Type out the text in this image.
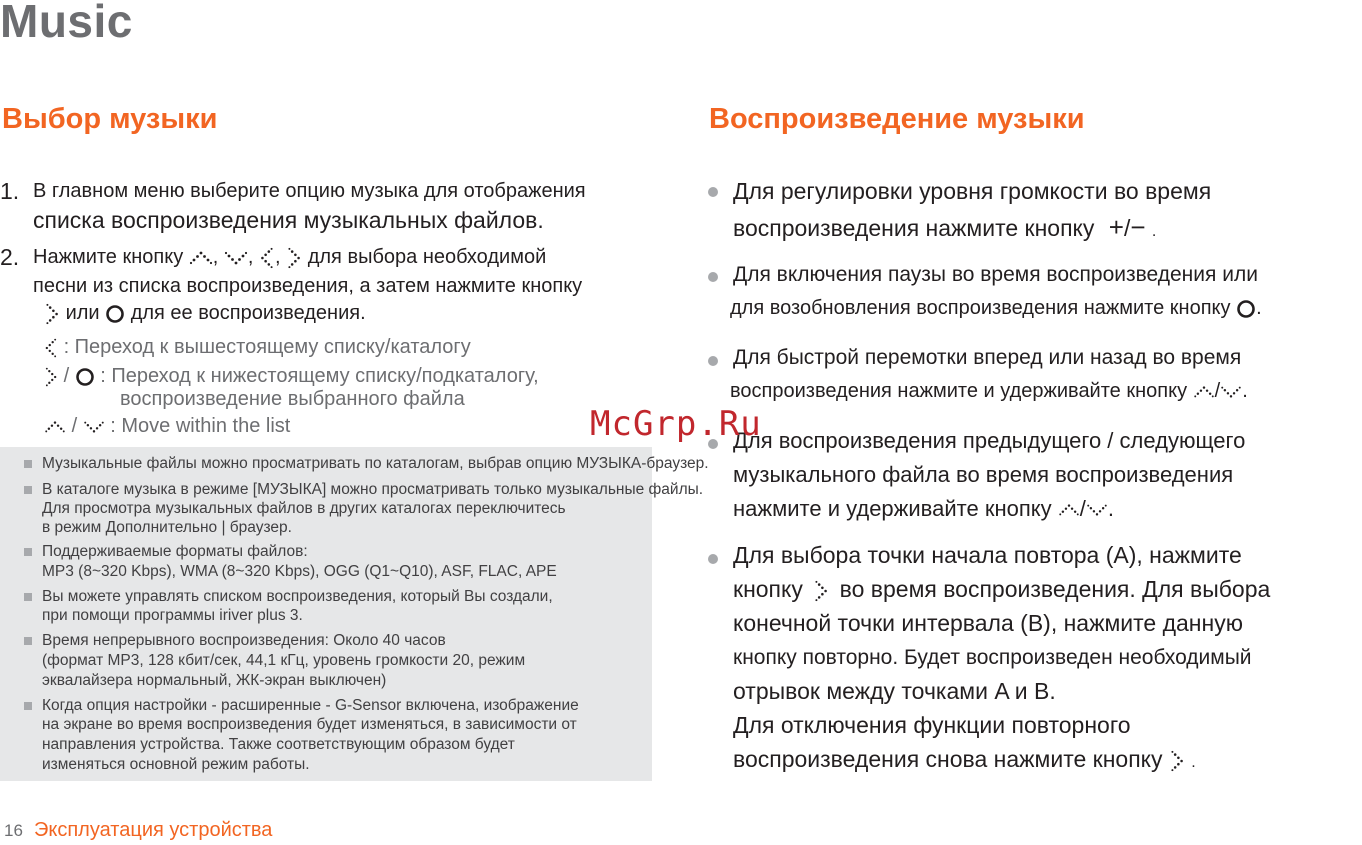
Music
Выбор музыки
1. В главном меню выберите опцию музыка для отображения
списка воспроизведения музыкальных файлов.
2. Нажмите кнопку , , , для выбора необходимой
песни из списка воспроизведения, а затем нажмите кнопку
или для ее воспроизведения.
: Переход к вышестоящему списку/каталогу
/ : Переход к нижестоящему списку/подкаталогу,
воспроизведение выбранного файла
/ : Move within the list
Музыкальные файлы можно просматривать по каталогам, выбрав опцию МУЗЫКА-браузер.
В каталоге музыка в режиме [МУЗЫКА] можно просматривать только музыкальные файлы.
Для просмотра музыкальных файлов в других каталогах переключитесь
в режим Дополнительно | браузер.
Поддерживаемые форматы файлов:
MP3 (8~320 Kbps), WMA (8~320 Kbps), OGG (Q1~Q10), ASF, FLAC, APE
Вы можете управлять списком воспроизведения, который Вы создали,
при помощи программы iriver plus 3.
Время непрерывного воспроизведения: Около 40 часов
(формат MP3, 128 кбит/сек, 44,1 кГц, уровень громкости 20, режим
эквалайзера нормальный, ЖК-экран выключен)
Когда опция настройки - расширенные - G-Sensor включена, изображение
на экране во время воспроизведения будет изменяться, в зависимости от
направления устройства. Также соответствующим образом будет
изменяться основной режим работы.
Воспроизведение музыки
Для регулировки уровня громкости во время
воспроизведения нажмите кнопку +/− .
Для включения паузы во время воспроизведения или
для возобновления воспроизведения нажмите кнопку .
Для быстрой перемотки вперед или назад во время
воспроизведения нажмите и удерживайте кнопку / .
Для воспроизведения предыдущего / следующего
музыкального файла во время воспроизведения
нажмите и удерживайте кнопку / .
Для выбора точки начала повтора (A), нажмите
кнопку во время воспроизведения. Для выбора
конечной точки интервала (B), нажмите данную
кнопку повторно. Будет воспроизведен необходимый
отрывок между точками A и B.
Для отключения функции повторного
воспроизведения снова нажмите кнопку .
McGrp.Ru
16 Эксплуатация устройства
